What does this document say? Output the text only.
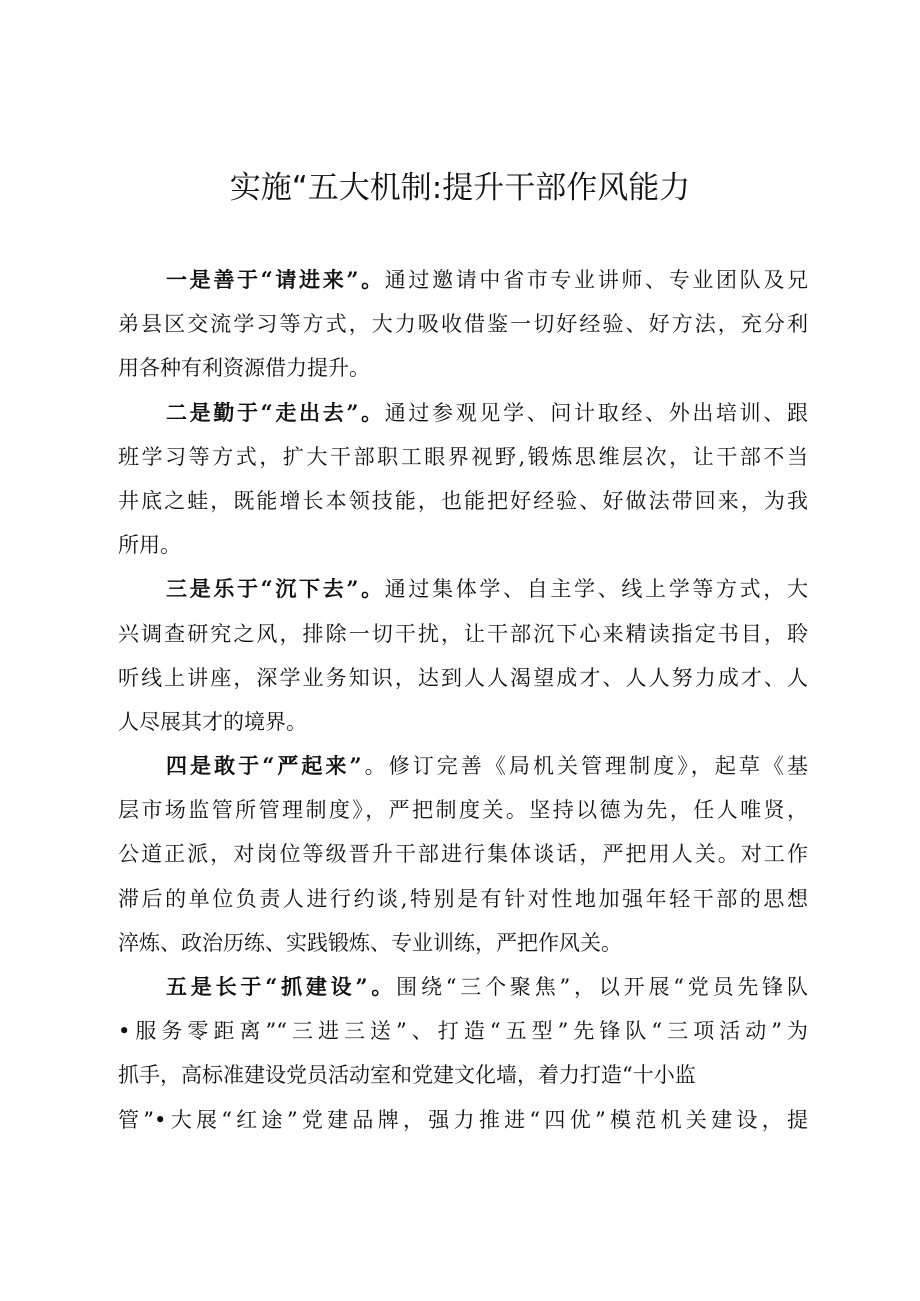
实施“五大机制:提升干部作风能力
一是善于“请进来”。通过邀请中省市专业讲师、专业团队及兄
弟县区交流学习等方式，大力吸收借鉴一切好经验、好方法，充分利
用各种有利资源借力提升。
二是勤于“走出去”。通过参观见学、问计取经、外出培训、跟
班学习等方式，扩大干部职工眼界视野,锻炼思维层次，让干部不当
井底之蛙，既能增长本领技能，也能把好经验、好做法带回来，为我
所用。
三是乐于“沉下去”。通过集体学、自主学、线上学等方式，大
兴调查研究之风，排除一切干扰，让干部沉下心来精读指定书目，聆
听线上讲座，深学业务知识，达到人人渴望成才、人人努力成才、人
人尽展其才的境界。
四是敢于“严起来”。修订完善《局机关管理制度》，起草《基
层市场监管所管理制度》，严把制度关。坚持以德为先，任人唯贤，
公道正派，对岗位等级晋升干部进行集体谈话，严把用人关。对工作
滞后的单位负责人进行约谈,特别是有针对性地加强年轻干部的思想
淬炼、政治历练、实践锻炼、专业训练，严把作风关。
五是长于“抓建设”。围绕“三个聚焦”，以开展“党员先锋队
•服务零距离”“三进三送”、打造“五型”先锋队“三项活动”为
抓手，高标准建设党员活动室和党建文化墙，着力打造“十小监
管”•大展“红途”党建品牌，强力推进“四优”模范机关建设，提
